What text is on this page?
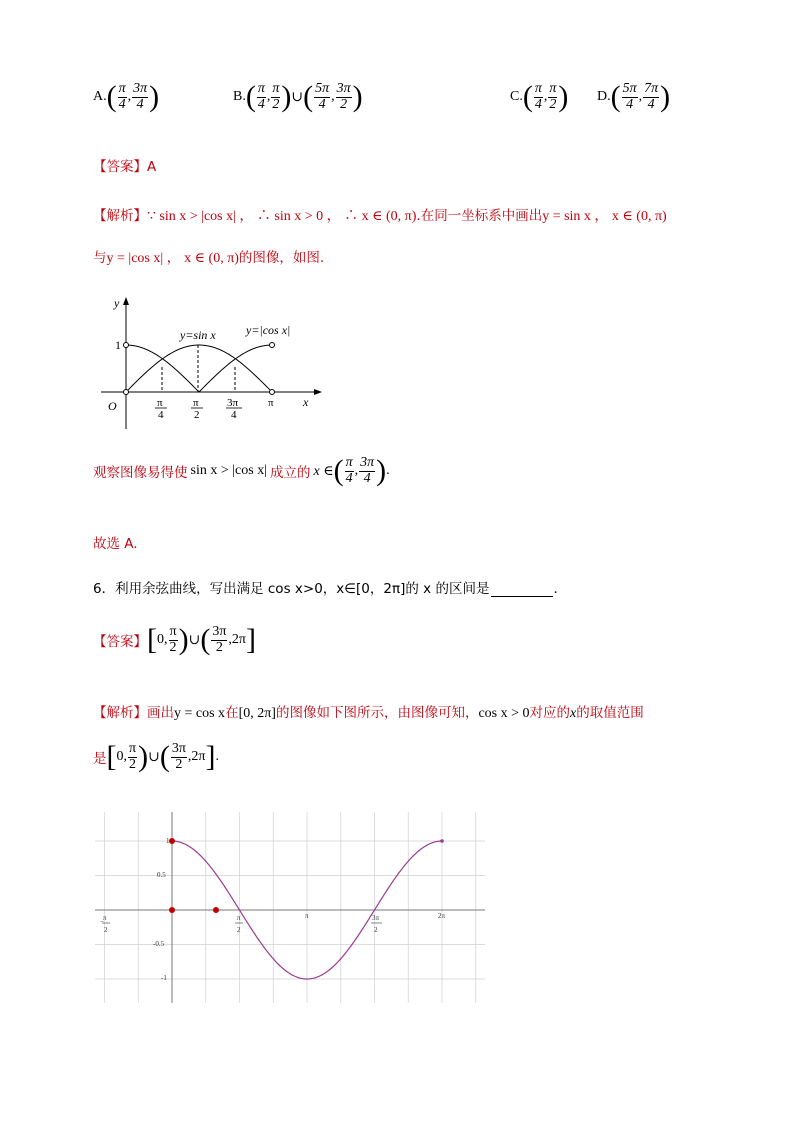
A. ( $\frac{\pi}{4}$ , $\frac{3\pi}{4}$ )	B. ( $\frac{\pi}{4}$ , $\frac{\pi}{2}$ ) ∪ ( $\frac{5\pi}{4}$ , $\frac{3\pi}{2}$ )	C. ( $\frac{\pi}{4}$ , $\frac{\pi}{2}$ ) D. ( $\frac{5\pi}{4}$ , $\frac{7\pi}{4}$ )
【答案】A
【解析】∵ sin x > |cos x| ， ∴ sin x > 0 ， ∴ x ∈ (0, π).在同一坐标系中画出y = sin x ， x ∈ (0, π)
与y = |cos x| ， x ∈ (0, π)的图像，如图.
y
x
O
1
y=sin x	y=|cos x|
π
4
π
2
3π
4
π
观察图像易得使 sin x > |cos x| 成立的 x ∈ ( $\frac{\pi}{4}$ , $\frac{3\pi}{4}$ ) .
故选 A.
6．利用余弦曲线，写出满足 cos x>0，x∈[0，2π]的 x 的区间是	．
【答案】 [ 0, $\frac{\pi}{2}$ ) ∪ ( $\frac{3\pi}{2} ,2\pi$ ]
【解析】画出y = cos x在[0, 2π]的图像如下图所示，由图像可知，cos x > 0对应的x的取值范围
是 [ 0, $\frac{\pi}{2}$ ) ∪ ( $\frac{3\pi}{2} ,2\pi$ ] .
1
0.5
-0.5
-1
− π
2
π
2
π	3π
2
2π
